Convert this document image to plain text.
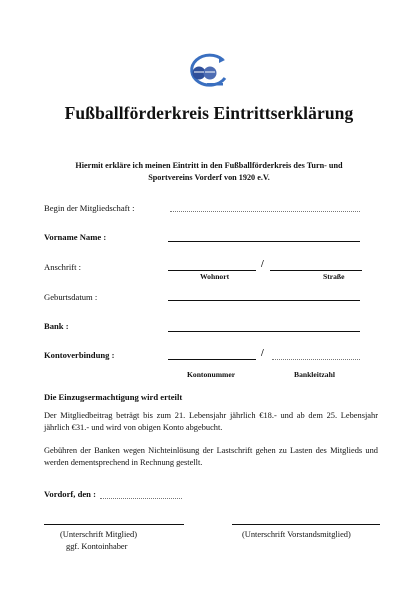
Fußballförderkreis Eintrittserklärung
Hiermit erkläre ich meinen Eintritt in den Fußballförderkreis des Turn- und
Sportvereins Vorderf von 1920 e.V.
Begin der Mitgliedschaft :
Vorname Name :
Anschrift :	/
Wohnort	Straße
Geburtsdatum :
Bank :
Kontoverbindung :	/
Kontonummer	Bankleitzahl
Die Einzugsermachtigung wird erteilt
Der Mitgliedbeitrag beträgt bis zum 21. Lebensjahr jährlich €18.- und ab dem 25. Lebensjahr jährlich €31.- und wird von obigen Konto abgebucht.
Gebühren der Banken wegen Nichteinlösung der Lastschrift gehen zu Lasten des Mitglieds und werden dementsprechend in Rechnung gestellt.
Vordorf, den :
(Unterschrift Mitglied)
ggf. Kontoinhaber
(Unterschrift Vorstandsmitglied)
